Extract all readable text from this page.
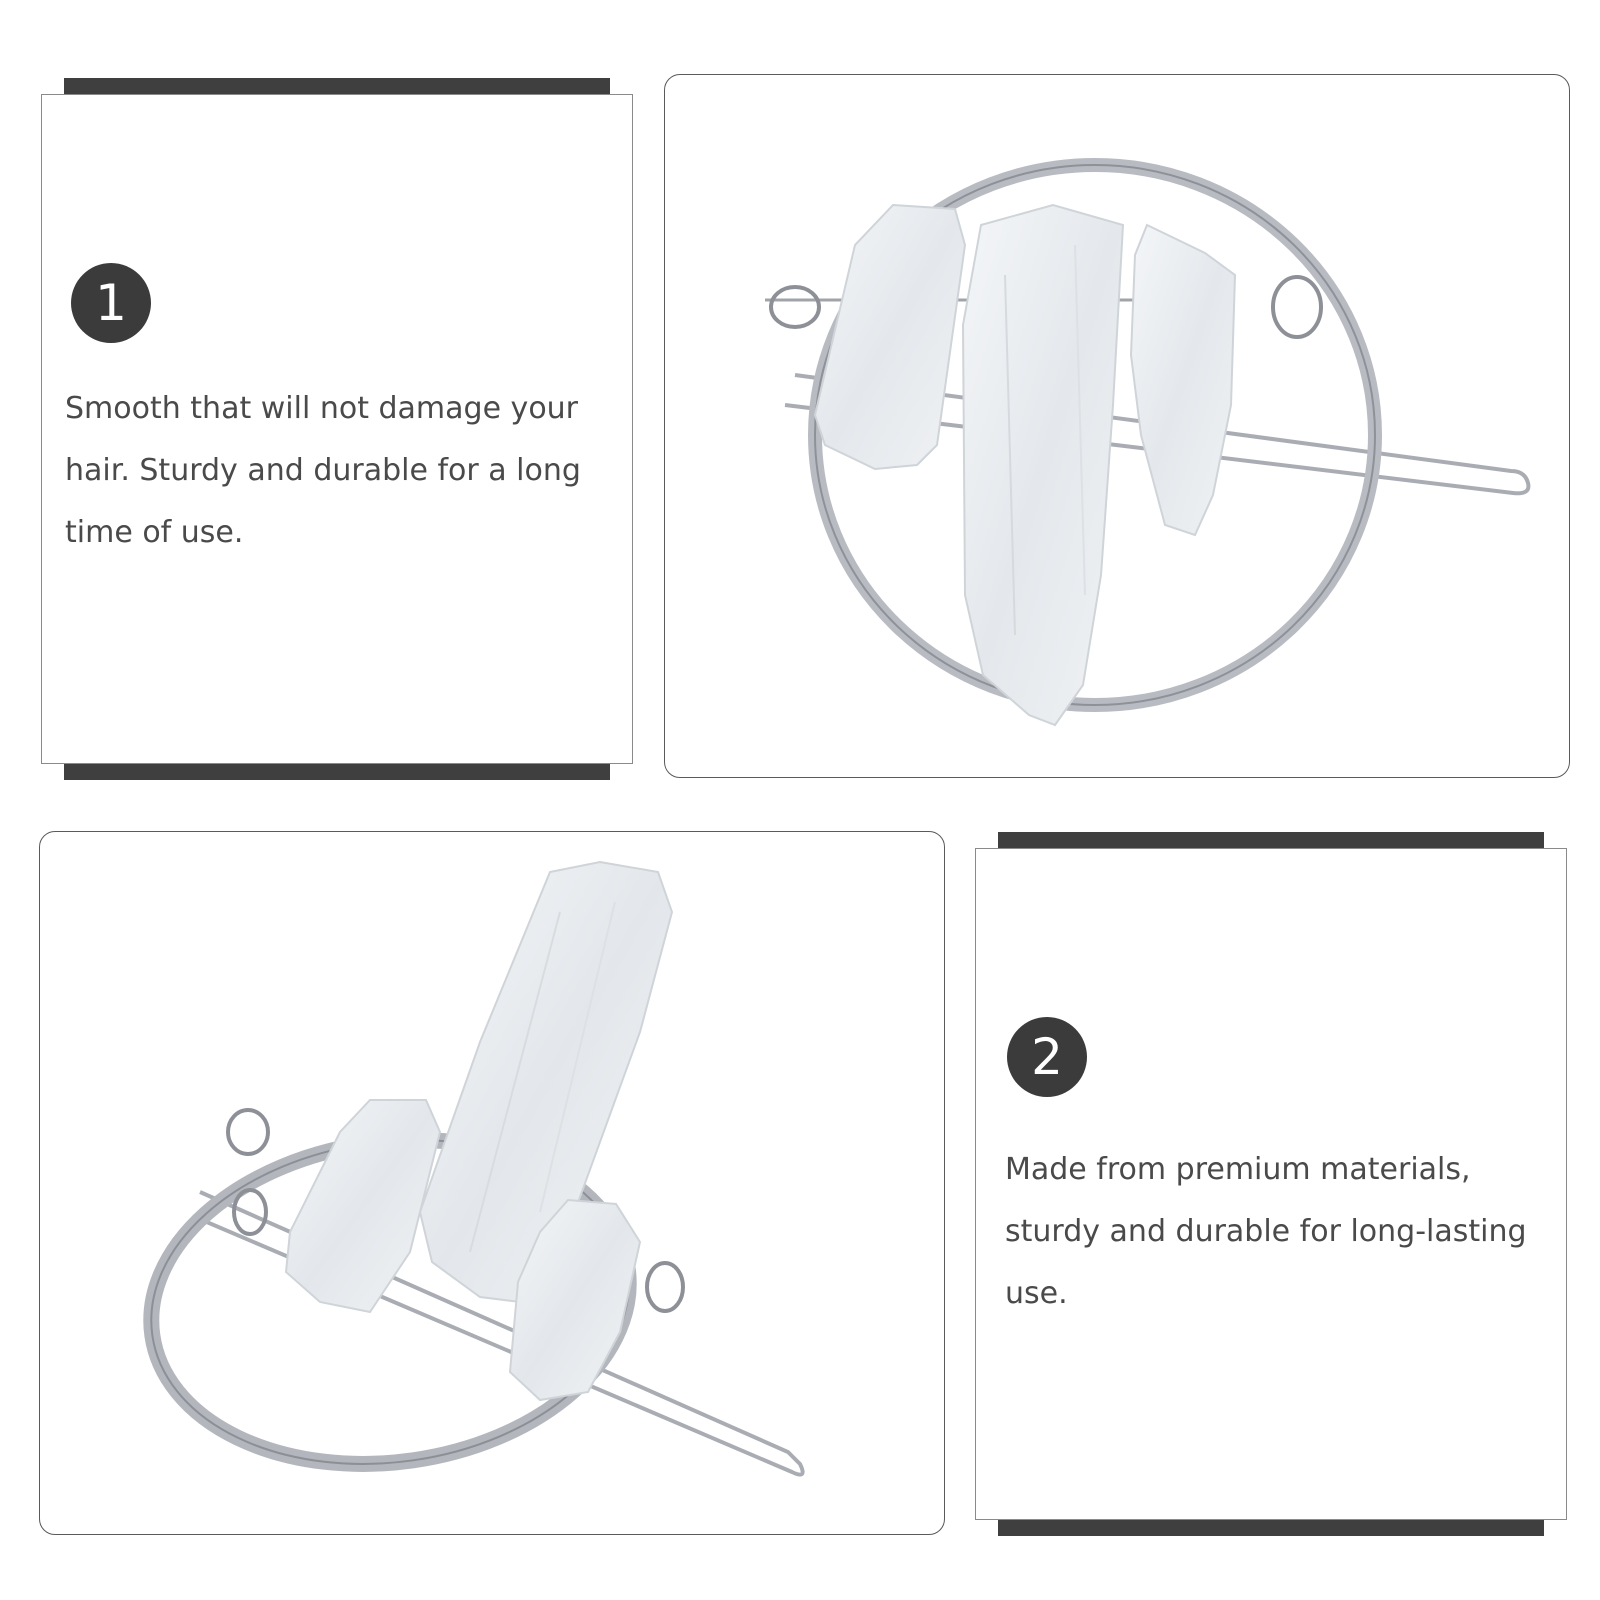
1
Smooth that will not damage your hair. Sturdy and durable for a long time of use.
2
Made from premium materials, sturdy and durable for long-lasting use.
